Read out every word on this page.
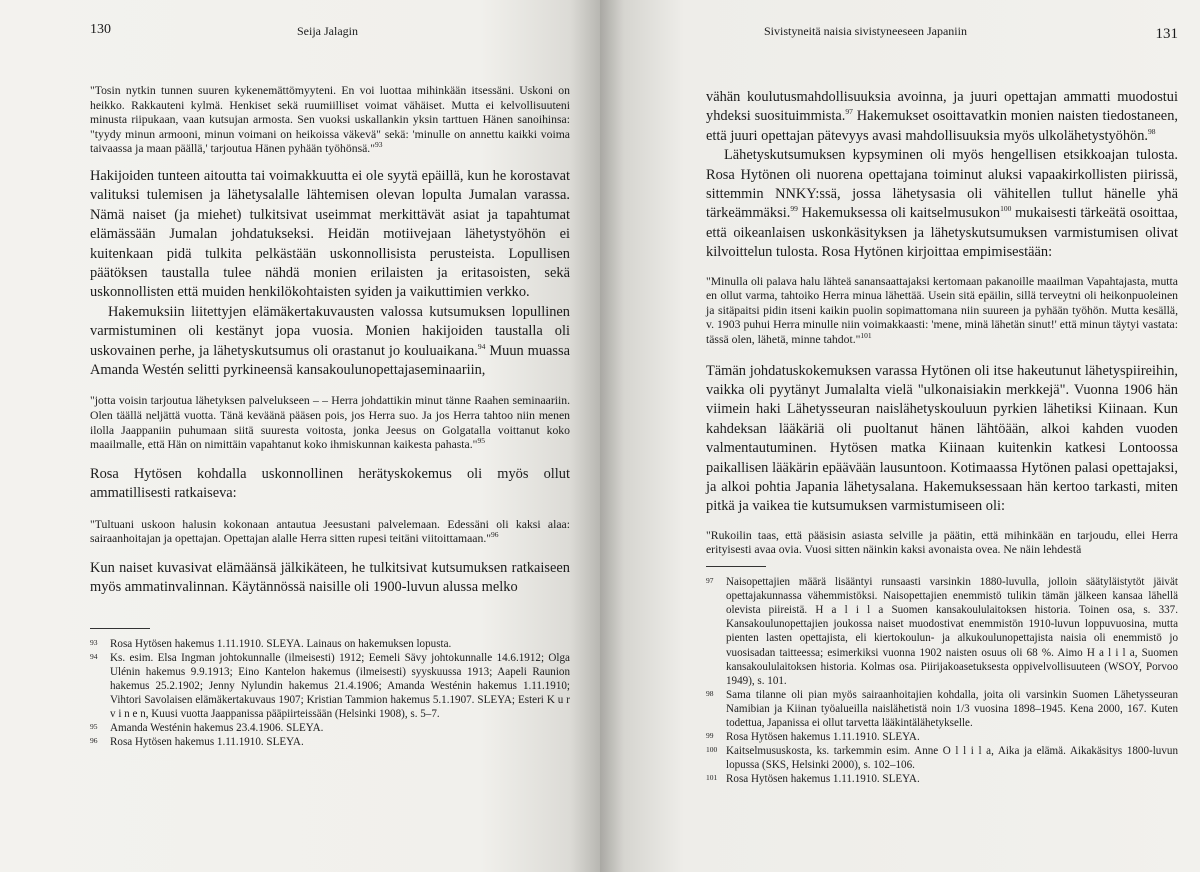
130	Seija Jalagin

"Tosin nytkin tunnen suuren kykenemättömyyteni. En voi luottaa mihinkään itsessäni. Uskoni on heikko. Rakkauteni kylmä. Henkiset sekä ruumiilliset voimat vähäiset. Mutta ei kelvollisuuteni minusta riipukaan, vaan kutsujan armosta. Sen vuoksi uskallankin yksin tarttuen Hänen sanoihinsa: "tyydy minun armooni, minun voimani on heikoissa väkevä" sekä: 'minulle on annettu kaikki voima taivaassa ja maan päällä,' tarjoutua Hänen pyhään työhönsä."$^{93}$

Hakijoiden tunteen aitoutta tai voimakkuutta ei ole syytä epäillä, kun he korostavat valituksi tulemisen ja lähetysalalle lähtemisen olevan lopulta Jumalan varassa. Nämä naiset (ja miehet) tulkitsivat useimmat merkittävät asiat ja tapahtumat elämässään Jumalan johdatukseksi. Heidän motiivejaan lähetystyöhön ei kuitenkaan pidä tulkita pelkästään uskonnollisista perusteista. Lopullisen päätöksen taustalla tulee nähdä monien erilaisten ja eritasoisten, sekä uskonnollisten että muiden henkilökohtaisten syiden ja vaikuttimien verkko.

Hakemuksiin liitettyjen elämäkertakuvausten valossa kutsumuksen lopullinen varmistuminen oli kestänyt jopa vuosia. Monien hakijoiden taustalla oli uskovainen perhe, ja lähetyskutsumus oli orastanut jo kouluaikana.$^{94}$ Muun muassa Amanda Westén selitti pyrkineensä kansakoulunopettajaseminaariin,

"jotta voisin tarjoutua lähetyksen palvelukseen – – Herra johdattikin minut tänne Raahen seminaariin. Olen täällä neljättä vuotta. Tänä keväänä pääsen pois, jos Herra suo. Ja jos Herra tahtoo niin menen ilolla Jaappaniin puhumaan siitä suuresta voitosta, jonka Jeesus on Golgatalla voittanut koko maailmalle, että Hän on nimittäin vapahtanut koko ihmiskunnan kaikesta pahasta."$^{95}$

Rosa Hytösen kohdalla uskonnollinen herätyskokemus oli myös ollut ammatillisesti ratkaiseva:

"Tultuani uskoon halusin kokonaan antautua Jeesustani palvelemaan. Edessäni oli kaksi alaa: sairaanhoitajan ja opettajan. Opettajan alalle Herra sitten rupesi teitäni viitoittamaan."$^{96}$

Kun naiset kuvasivat elämäänsä jälkikäteen, he tulkitsivat kutsumuksen ratkaiseen myös ammatinvalinnan. Käytännössä naisille oli 1900-luvun alussa melko

93 Rosa Hytösen hakemus 1.11.1910. SLEYA. Lainaus on hakemuksen lopusta.

94 Ks. esim. Elsa Ingman johtokunnalle (ilmeisesti) 1912; Eemeli Sävy johtokunnalle 14.6.1912; Olga Ulénin hakemus 9.9.1913; Eino Kantelon hakemus (ilmeisesti) syyskuussa 1913; Aapeli Raunion hakemus 25.2.1902; Jenny Nylundin hakemus 21.4.1906; Amanda Westénin hakemus 1.11.1910; Vihtori Savolaisen elämäkertakuvaus 1907; Kristian Tammion hakemus 5.1.1907. SLEYA; Esteri K u r v i n e n, Kuusi vuotta Jaappanissa pääpiirteissään (Helsinki 1908), s. 5–7.

95 Amanda Westénin hakemus 23.4.1906. SLEYA.

96 Rosa Hytösen hakemus 1.11.1910. SLEYA.

Sivistyneitä naisia sivistyneeseen Japaniin	131

vähän koulutusmahdollisuuksia avoinna, ja juuri opettajan ammatti muodostui yhdeksi suosituimmista.$^{97}$ Hakemukset osoittavatkin monien naisten tiedostaneen, että juuri opettajan pätevyys avasi mahdollisuuksia myös ulkolähetystyöhön.$^{98}$

Lähetyskutsumuksen kypsyminen oli myös hengellisen etsikkoajan tulosta. Rosa Hytönen oli nuorena opettajana toiminut aluksi vapaakirkollisten piirissä, sittemmin NNKY:ssä, jossa lähetysasia oli vähitellen tullut hänelle yhä tärkeämmäksi.$^{99}$ Hakemuksessa oli kaitselmusukon$^{100}$ mukaisesti tärkeätä osoittaa, että oikeanlaisen uskonkäsityksen ja lähetyskutsumuksen varmistumisen olivat kilvoittelun tulosta. Rosa Hytönen kirjoittaa empimisestään:

"Minulla oli palava halu lähteä sanansaattajaksi kertomaan pakanoille maailman Vapahtajasta, mutta en ollut varma, tahtoiko Herra minua lähettää. Usein sitä epäilin, sillä terveytni oli heikonpuoleinen ja sitäpaitsi pidin itseni kaikin puolin sopimattomana niin suureen ja pyhään työhön. Mutta kesällä, v. 1903 puhui Herra minulle niin voimakkaasti: 'mene, minä lähetän sinut!' että minun täytyi vastata: tässä olen, lähetä, minne tahdot."$^{101}$

Tämän johdatuskokemuksen varassa Hytönen oli itse hakeutunut lähetyspiireihin, vaikka oli pyytänyt Jumalalta vielä "ulkonaisiakin merkkejä". Vuonna 1906 hän viimein haki Lähetysseuran naislähetyskouluun pyrkien lähetiksi Kiinaan. Kun kahdeksan lääkäriä oli puoltanut hänen lähtöään, alkoi kahden vuoden valmentautuminen. Hytösen matka Kiinaan kuitenkin katkesi Lontoossa paikallisen lääkärin epäävään lausuntoon. Kotimaassa Hytönen palasi opettajaksi, ja alkoi pohtia Japania lähetysalana. Hakemuksessaan hän kertoo tarkasti, miten pitkä ja vaikea tie kutsumuksen varmistumiseen oli:

"Rukoilin taas, että pääsisin asiasta selville ja päätin, että mihinkään en tarjoudu, ellei Herra erityisesti avaa ovia. Vuosi sitten näinkin kaksi avonaista ovea. Ne näin lehdestä

97 Naisopettajien määrä lisääntyi runsaasti varsinkin 1880-luvulla, jolloin säätyläistytöt jäivät opettajakunnassa vähemmistöksi. Naisopettajien enemmistö tulikin tämän jälkeen kansaa lähellä olevista piireistä. H a l i l a Suomen kansakoululaitoksen historia. Toinen osa, s. 337. Kansakoulunopettajien joukossa naiset muodostivat enemmistön 1910-luvun loppuvuosina, mutta pienten lasten opettajista, eli kiertokoulun- ja alkukoulunopettajista naisia oli enemmistö jo vuosisadan taitteessa; esimerkiksi vuonna 1902 naisten osuus oli 68 %. Aimo H a l i l a, Suomen kansakoululaitoksen historia. Kolmas osa. Piirijakoasetuksesta oppivelvollisuuteen (WSOY, Porvoo 1949), s. 101.

98 Sama tilanne oli pian myös sairaanhoitajien kohdalla, joita oli varsinkin Suomen Lähetysseuran Namibian ja Kiinan työalueilla naislähetistä noin 1/3 vuosina 1898–1945. Kena 2000, 167. Kuten todettua, Japanissa ei ollut tarvetta lääkintälähetykselle.

99 Rosa Hytösen hakemus 1.11.1910. SLEYA.

100 Kaitselmususkosta, ks. tarkemmin esim. Anne O l l i l a, Aika ja elämä. Aikakäsitys 1800-luvun lopussa (SKS, Helsinki 2000), s. 102–106.

101 Rosa Hytösen hakemus 1.11.1910. SLEYA.
